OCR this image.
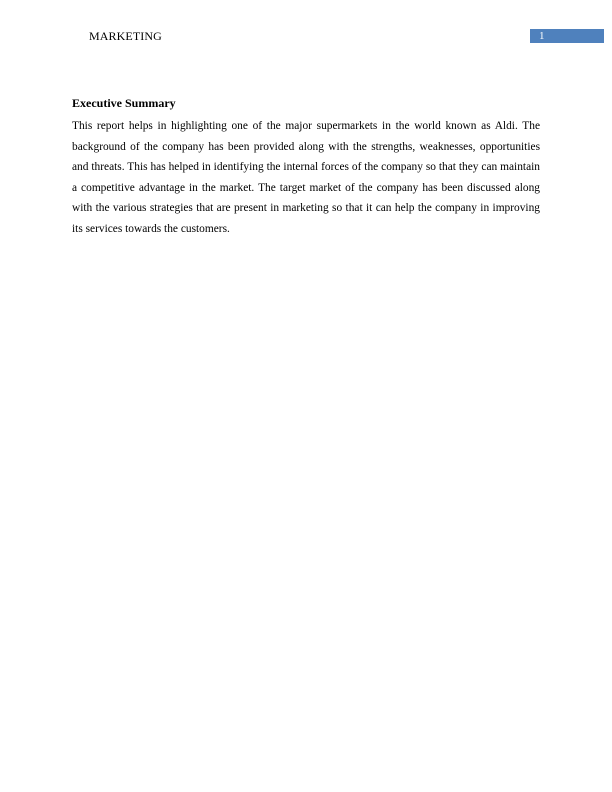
MARKETING	1
Executive Summary

This report helps in highlighting one of the major supermarkets in the world known as Aldi. The background of the company has been provided along with the strengths, weaknesses, opportunities and threats. This has helped in identifying the internal forces of the company so that they can maintain a competitive advantage in the market. The target market of the company has been discussed along with the various strategies that are present in marketing so that it can help the company in improving its services towards the customers.
